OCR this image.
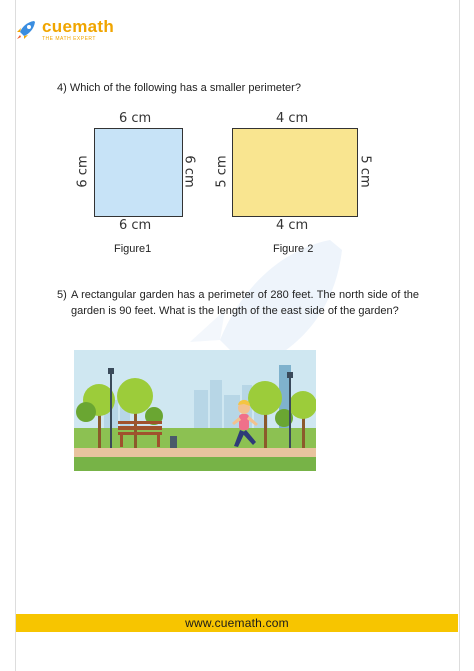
cuemath
THE MATH EXPERT
4) Which of the following has a smaller perimeter?
6 cm
6 cm	6 cm
6 cm
Figure1
4 cm
5 cm	5 cm
4 cm
Figure 2
5) A rectangular garden has a perimeter of 280 feet. The north side of the garden is 90 feet. What is the length of the east side of the garden?
www.cuemath.com
